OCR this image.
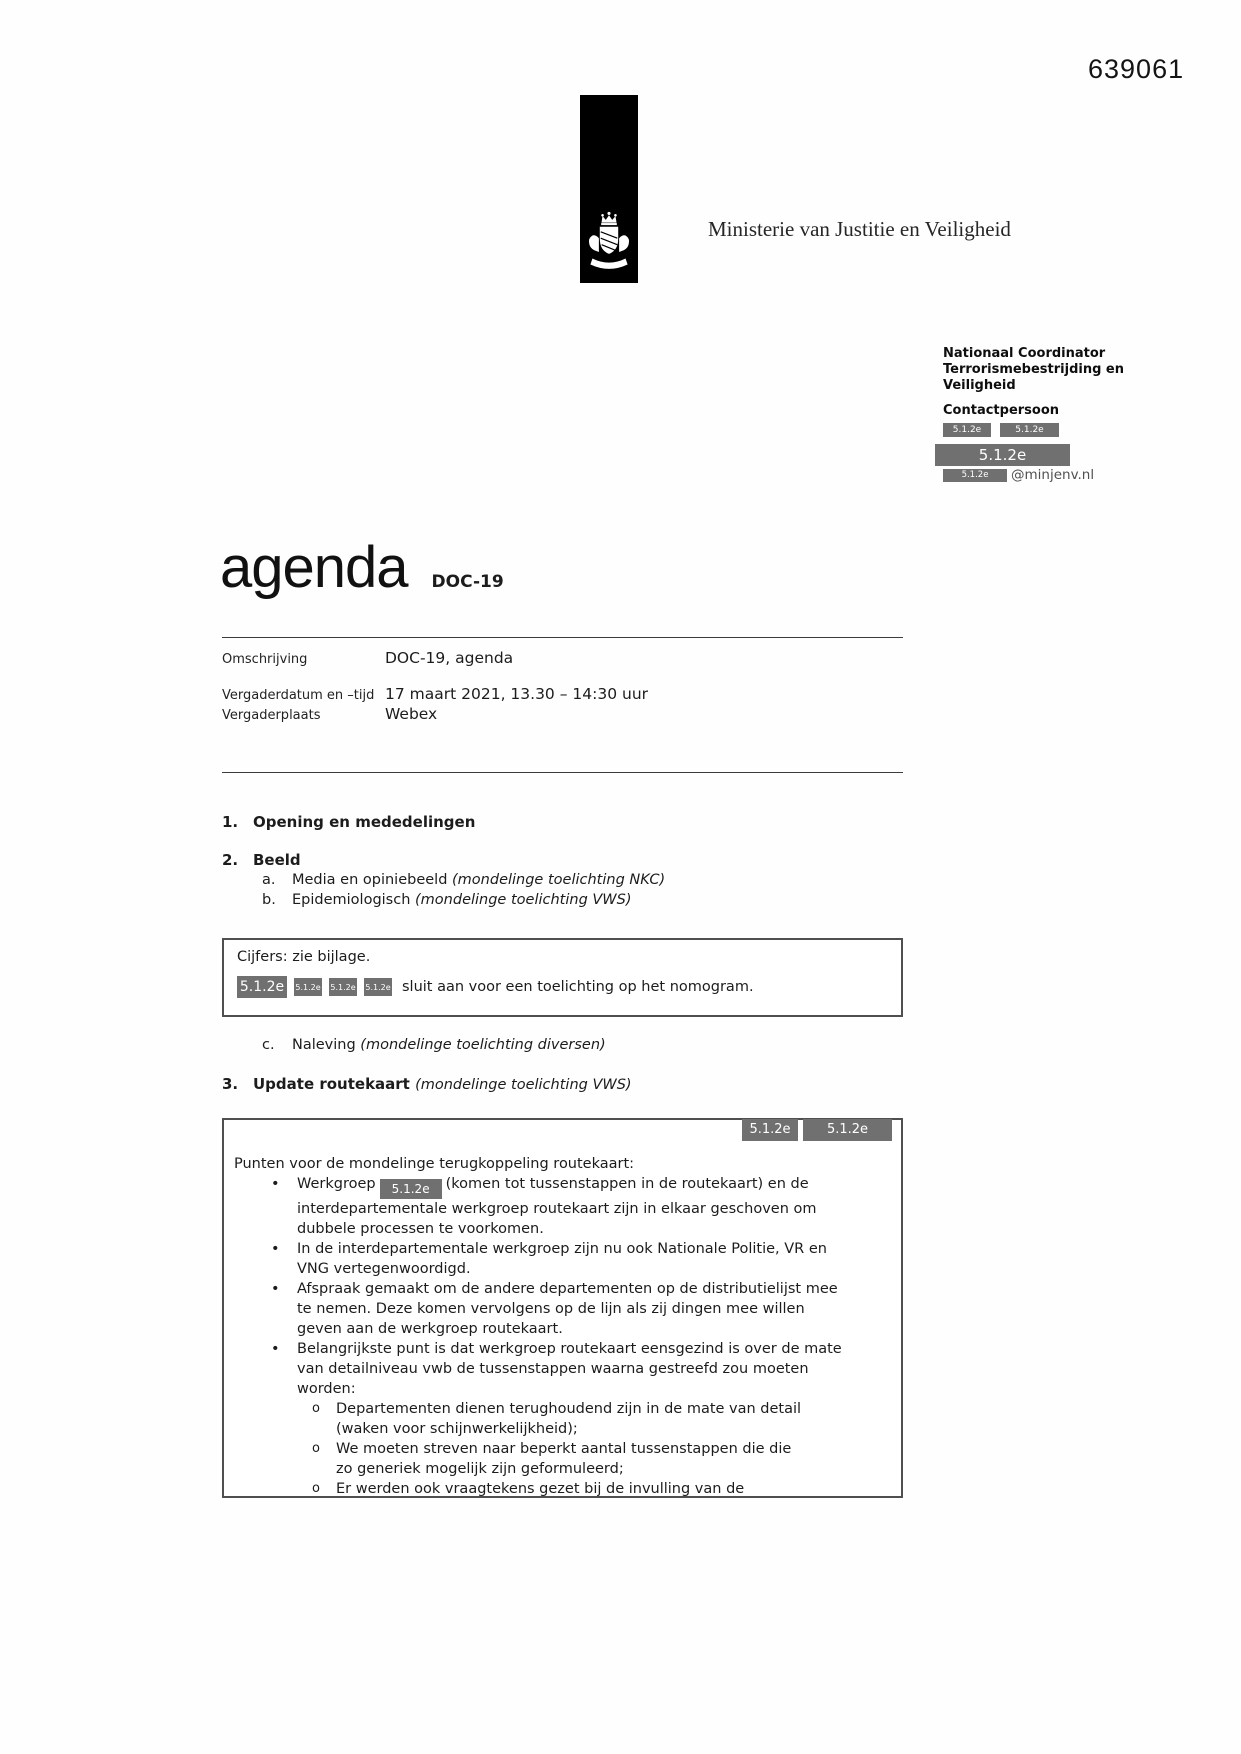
639061
Ministerie van Justitie en Veiligheid
Nationaal Coordinator
Terrorismebestrijding en
Veiligheid
Contactpersoon
5.1.2e	5.1.2e
5.1.2e
5.1.2e	@minjenv.nl
agenda DOC-19
Omschrijving	DOC-19, agenda
Vergaderdatum en –tijd 17 maart 2021, 13.30 – 14:30 uur
Vergaderplaats	Webex
1. Opening en mededelingen
2. Beeld
a.	Media en opiniebeeld (mondelinge toelichting NKC)
b.	Epidemiologisch (mondelinge toelichting VWS)
Cijfers: zie bijlage.
5.1.2e	5.1.2e 5.1.2e 5.1.2e sluit aan voor een toelichting op het nomogram.
c.	Naleving (mondelinge toelichting diversen)
3. Update routekaart (mondelinge toelichting VWS)
5.1.2e	5.1.2e
Punten voor de mondelinge terugkoppeling routekaart:
•	Werkgroep 5.1.2e (komen tot tussenstappen in de routekaart) en de interdepartementale werkgroep routekaart zijn in elkaar geschoven om dubbele processen te voorkomen.
•	In de interdepartementale werkgroep zijn nu ook Nationale Politie, VR en VNG vertegenwoordigd.
•	Afspraak gemaakt om de andere departementen op de distributielijst mee te nemen. Deze komen vervolgens op de lijn als zij dingen mee willen geven aan de werkgroep routekaart.
•	Belangrijkste punt is dat werkgroep routekaart eensgezind is over de mate van detailniveau vwb de tussenstappen waarna gestreefd zou moeten worden:
o	Departementen dienen terughoudend zijn in de mate van detail (waken voor schijnwerkelijkheid);
o	We moeten streven naar beperkt aantal tussenstappen die die zo generiek mogelijk zijn geformuleerd;
o	Er werden ook vraagtekens gezet bij de invulling van de
